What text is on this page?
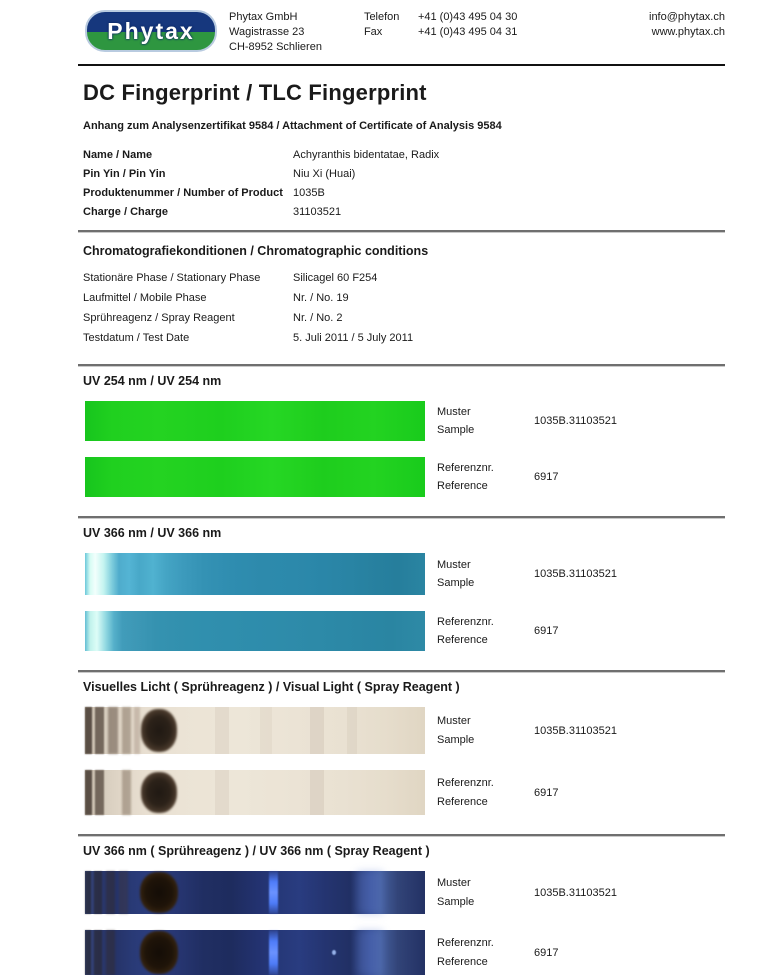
Phytax
Phytax GmbH
Wagistrasse 23
CH-8952 Schlieren
Telefon	+41 (0)43 495 04 30
Fax	+41 (0)43 495 04 31
info@phytax.ch
www.phytax.ch
DC Fingerprint / TLC Fingerprint
Anhang zum Analysenzertifikat 9584 / Attachment of Certificate of Analysis 9584
Name / Name	Achyranthis bidentatae, Radix
Pin Yin / Pin Yin	Niu Xi (Huai)
Produktenummer / Number of Product 1035B
Charge / Charge	31103521
Chromatografiekonditionen / Chromatographic conditions
Stationäre Phase / Stationary Phase	Silicagel 60 F254
Laufmittel / Mobile Phase	Nr. / No. 19
Sprühreagenz / Spray Reagent	Nr. / No. 2
Testdatum / Test Date	5. Juli 2011 / 5 July 2011
UV 254 nm / UV 254 nm
Muster
Sample
1035B.31103521
Referenznr.
Reference
6917
UV 366 nm / UV 366 nm
Muster
Sample
1035B.31103521
Referenznr.
Reference
6917
Visuelles Licht ( Sprühreagenz ) / Visual Light ( Spray Reagent )
Muster
Sample
1035B.31103521
Referenznr.
Reference
6917
UV 366 nm ( Sprühreagenz ) / UV 366 nm ( Spray Reagent )
Muster
Sample
1035B.31103521
Referenznr.
Reference
6917
